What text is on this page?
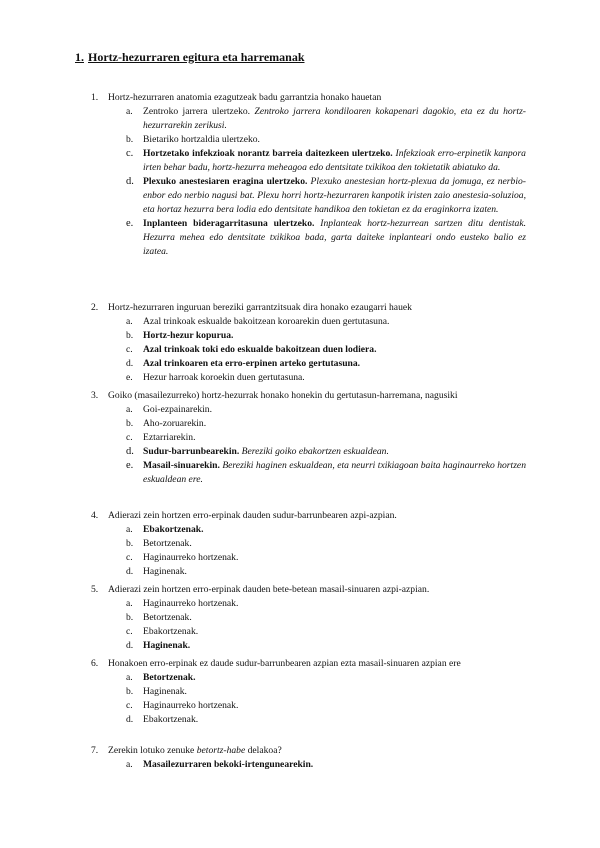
1. Hortz-hezurraren egitura eta harremanak
1.	Hortz-hezurraren anatomia ezagutzeak badu garrantzia honako hauetan
a.	Zentroko jarrera ulertzeko. Zentroko jarrera kondiloaren kokapenari dagokio, eta ez du hortz-hezurrarekin zerikusi.
b.	Bietariko hortzaldia ulertzeko.
c.	Hortzetako infekzioak norantz barreia daitezkeen ulertzeko. Infekzioak erro-erpinetik kanpora irten behar badu, hortz-hezurra meheagoa edo dentsitate txikikoa den tokietatik abiatuko da.
d. Plexuko anestesiaren eragina ulertzeko. Plexuko anestesian hortz-plexua da jomuga, ez nerbio-enbor edo nerbio nagusi bat. Plexu horri hortz-hezurraren kanpotik iristen zaio anestesia-soluzioa, eta hortaz hezurra bera lodia edo dentsitate handikoa den tokietan ez da eraginkorra izaten.
e.	Inplanteen bideragarritasuna ulertzeko. Inplanteak hortz-hezurrean sartzen ditu dentistak. Hezurra mehea edo dentsitate txikikoa bada, garta daiteke inplanteari ondo eusteko balio ez izatea.
2.	Hortz-hezurraren inguruan bereziki garrantzitsuak dira honako ezaugarri hauek
a.	Azal trinkoak eskualde bakoitzean koroarekin duen gertutasuna.
b.	Hortz-hezur kopurua.
c.	Azal trinkoak toki edo eskualde bakoitzean duen lodiera.
d.	Azal trinkoaren eta erro-erpinen arteko gertutasuna.
e.	Hezur harroak koroekin duen gertutasuna.
3.	Goiko (masailezurreko) hortz-hezurrak honako honekin du gertutasun-harremana, nagusiki
a.	Goi-ezpainarekin.
b.	Aho-zoruarekin.
c.	Eztarriarekin.
d. Sudur-barrunbearekin. Bereziki goiko ebakortzen eskualdean.
e.	Masail-sinuarekin. Bereziki haginen eskualdean, eta neurri txikiagoan baita haginaurreko hortzen eskualdean ere.
4.	Adierazi zein hortzen erro-erpinak dauden sudur-barrunbearen azpi-azpian.
a.	Ebakortzenak.
b.	Betortzenak.
c.	Haginaurreko hortzenak.
d.	Haginenak.
5.	Adierazi zein hortzen erro-erpinak dauden bete-betean masail-sinuaren azpi-azpian.
a.	Haginaurreko hortzenak.
b.	Betortzenak.
c.	Ebakortzenak.
d.	Haginenak.
6.	Honakoen erro-erpinak ez daude sudur-barrunbearen azpian ezta masail-sinuaren azpian ere
a.	Betortzenak.
b.	Haginenak.
c.	Haginaurreko hortzenak.
d.	Ebakortzenak.
7.	Zerekin lotuko zenuke betortz-habe delakoa?
a.	Masailezurraren bekoki-irtengunearekin.
